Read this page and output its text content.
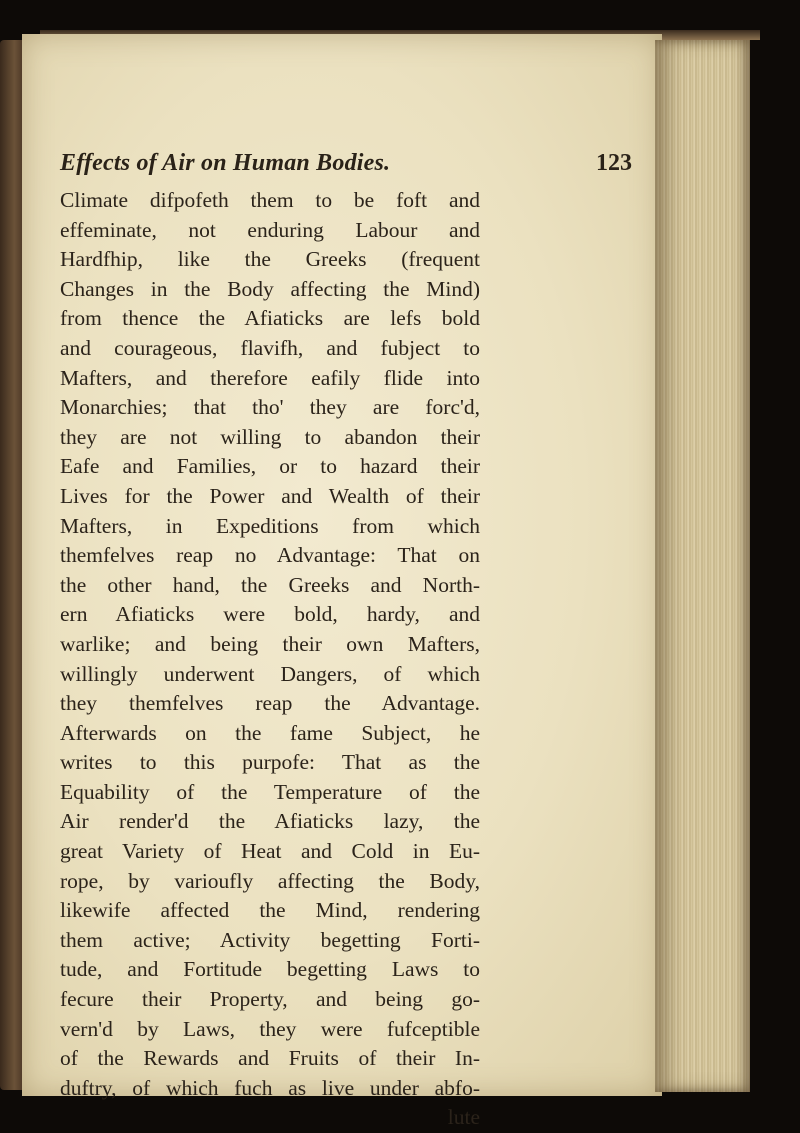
Effects of Air on Human Bodies.	123
Climate difpofeth them to be foft and
effeminate, not enduring Labour and
Hardfhip, like the Greeks (frequent
Changes in the Body affecting the Mind)
from thence the Afiaticks are lefs bold
and courageous, flavifh, and fubject to
Mafters, and therefore eafily flide into
Monarchies; that tho' they are forc'd,
they are not willing to abandon their
Eafe and Families, or to hazard their
Lives for the Power and Wealth of their
Mafters, in Expeditions from which
themfelves reap no Advantage: That on
the other hand, the Greeks and North-
ern Afiaticks were bold, hardy, and
warlike; and being their own Mafters,
willingly underwent Dangers, of which
they themfelves reap the Advantage.
Afterwards on the fame Subject, he
writes to this purpofe: That as the
Equability of the Temperature of the
Air render'd the Afiaticks lazy, the
great Variety of Heat and Cold in Eu-
rope, by varioufly affecting the Body,
likewife affected the Mind, rendering
them active; Activity begetting Forti-
tude, and Fortitude begetting Laws to
fecure their Property, and being go-
vern'd by Laws, they were fufceptible
of the Rewards and Fruits of their In-
duftry, of which fuch as live under abfo-
lute
